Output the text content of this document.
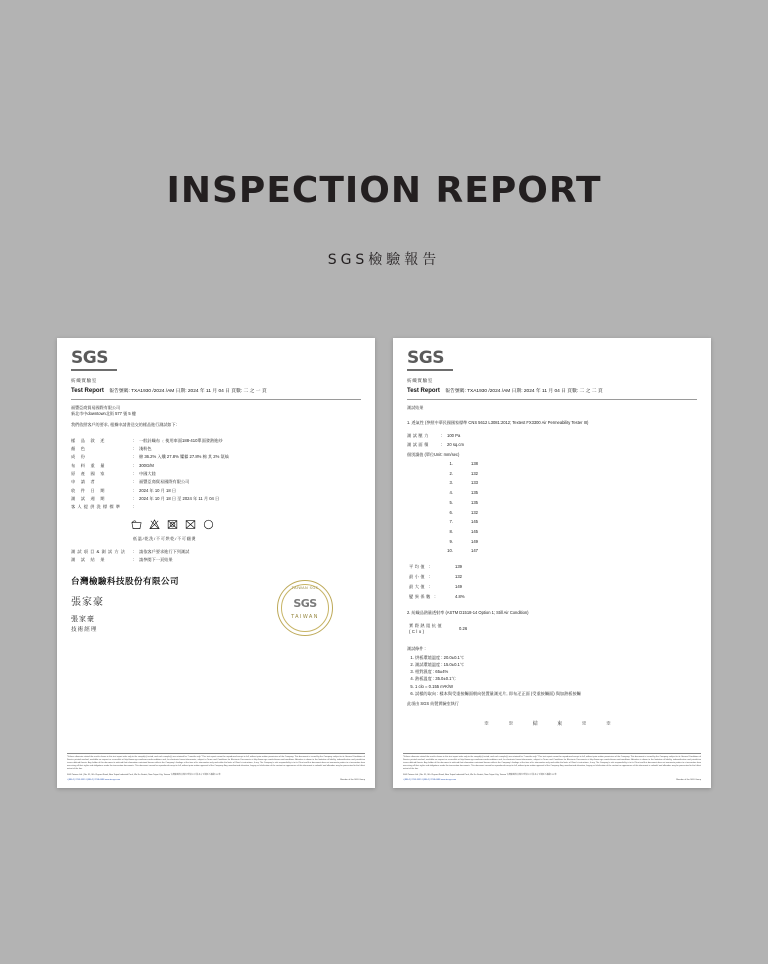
INSPECTION REPORT
SGS檢驗報告
SGS
紡織實驗室
Test Report 報告號碼: TXA1930 /2024 /AM 日期: 2024 年 11 月 04 日 頁數: 二 之 一 頁
福豐亞商貿易國際有限公司
新北市中downtown北街 577 號 5 樓
我們依照客戶的要求, 根據申請書送交的樣品進行測試如下:
樣 品 敘 述	:	一般針織布 ﹝使用車面188-410單面發熱進紗
顏 色	:	淺粉色
成 份	:	棉 36.2% 入纖 27.8% 嫘縈 27.8% 棉 其 2% 氨綸
布 料 重 量	:	300G/M
原 產 國 家	:	中國大陸
申 請 者	:	福豐亞商貿易國際有限公司
收 件 日 期	:	2024 年 10 月 18 日
測 試 週 期	:	2024 年 10 月 18 日 至 2024 年 11 月 04 日
客人提供洗標標準	:	
低溫/乾洗/不可烘乾/不可翻燙
測試項目&測試方法	:	請依客戶要求進行下列測試
測 試 結 果	:	請參閱下一頁結果
台灣檢驗科技股份有限公司
張家豪
張家豪
技術經理
TAIWAN SGS
SGS
TAIWAN
*Unless otherwise stated the results shown in this test report refer only to the sample(s) tested, and such sample(s) are retained for 7 months only.* This test report cannot be reproduced except in full, without prior written permission of the Company. This document is issued by the Company subject to its General Conditions of Service printed overleaf, available on request or accessible at http://www.sgs.com/terms-and-conditions and, for electronic format documents, subject to Terms and Conditions for Electronic Documents at http://www.sgs.com/en/terms-and-conditions. Attention is drawn to the limitation of liability, indemnification and jurisdiction issues defined therein. Any holder of this document is advised that information contained hereon reflects the Company's findings at the time of its intervention only and within the limits of Client's instructions, if any. The Company's sole responsibility is to its Client and this document does not exonerate parties to a transaction from exercising all their rights and obligations under the transaction documents. This document cannot be reproduced except in full, without prior written approval of the Company. Any unauthorized alteration, forgery or falsification of the content or appearance of this document is unlawful and offenders may be prosecuted to the fullest extent of the law.
SGS Taiwan Ltd. | No. 31, Wu Chyuan Road, New Taipei Industrial Park, Wu Ku District, New Taipei City, Taiwan 台灣檢驗科技股份有限公司 新北市五股區五權路 31 號
t (886-2) 2299-3939 f (886-2) 2298-0488 www.tw.sgs.com	Member of the SGS Group
SGS
紡織實驗室
Test Report 報告號碼: TXA1930 /2024 /AM 日期: 2024 年 11 月 04 日 頁數: 二 之 二 頁
測試結果
1. 透氣性 (參照中華民國國家標準 CNS 5612 L3081:2012; Textest FX3300 Air Permeability Tester III)
測試壓力	:	100 Pa
測試面積	:	20 sq.cm
個別讀值 (單位Unit: mm/sec)
1.	138
2.	132
3.	133
4.	135
5.	135
6.	132
7.	145
8.	145
9.	149
10.	147
平均值 :	139
最小值 :	132
最大值 :	149
變異係數 :	4.8%
2. 紡織品熱量透射率 (ASTM D1518-14 Option 1; Still Air Condition)
實際熱阻抗值(Clo)	0.26
測試條件 :
1. 烘板環境溫度 : 20.0±0.1℃
2. 測試環境溫度 : 15.0±0.1℃
3. 相對濕度 : 65±4%
4. 熱板溫度 : 35.0±0.1℃
5. 1 clo = 0.155 m²K/W
6. 試樣的取向 : 樣本與受重接觸面朝向裝置量測光片, 即布疋正面 (受重接觸面) 與加熱板接觸
此項由 SGS 紡製實驗室執行
※ ※ 結 束 ※ ※
*Unless otherwise stated the results shown in this test report refer only to the sample(s) tested, and such sample(s) are retained for 7 months only.* This test report cannot be reproduced except in full, without prior written permission of the Company. This document is issued by the Company subject to its General Conditions of Service printed overleaf, available on request or accessible at http://www.sgs.com/terms-and-conditions and, for electronic format documents, subject to Terms and Conditions for Electronic Documents at http://www.sgs.com/en/terms-and-conditions. Attention is drawn to the limitation of liability, indemnification and jurisdiction issues defined therein. Any holder of this document is advised that information contained hereon reflects the Company's findings at the time of its intervention only and within the limits of Client's instructions, if any. The Company's sole responsibility is to its Client and this document does not exonerate parties to a transaction from exercising all their rights and obligations under the transaction documents. This document cannot be reproduced except in full, without prior written approval of the Company. Any unauthorized alteration, forgery or falsification of the content or appearance of this document is unlawful and offenders may be prosecuted to the fullest extent of the law.
SGS Taiwan Ltd. | No. 31, Wu Chyuan Road, New Taipei Industrial Park, Wu Ku District, New Taipei City, Taiwan 台灣檢驗科技股份有限公司 新北市五股區五權路 31 號
t (886-2) 2299-3939 f (886-2) 2298-0488 www.tw.sgs.com	Member of the SGS Group
